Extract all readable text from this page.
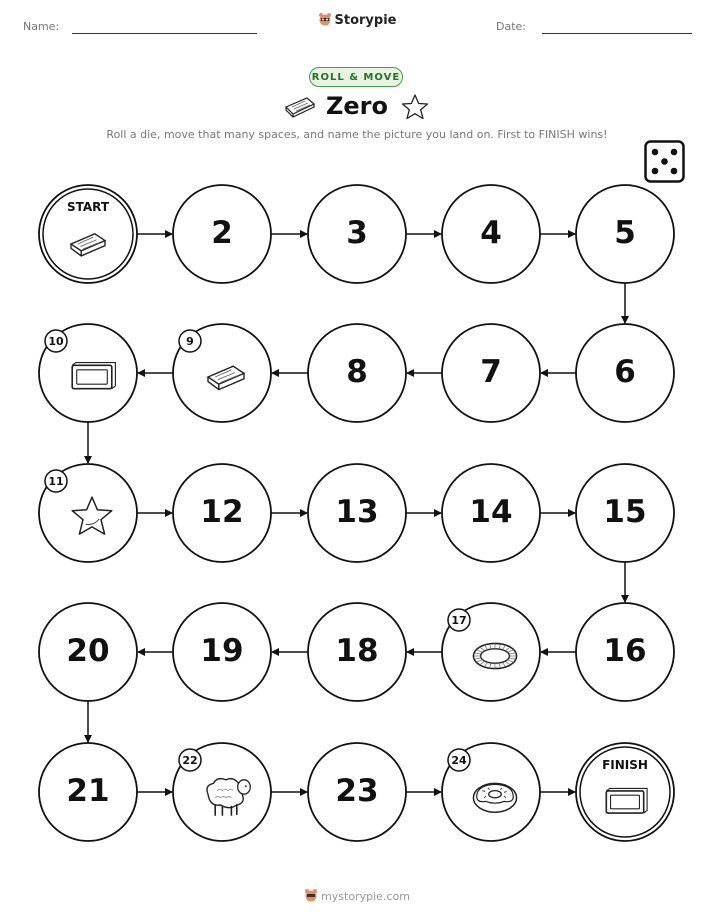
Name:	Storypie	Date:
ROLL & MOVE
Zero
Roll a die, move that many spaces, and name the picture you land on. First to FINISH wins!
9
10
11
17
22	24
START
2	3	4	5
6
7
8
12	13	14	15
16
18
19
20
21	23
FINISH
mystorypie.com
